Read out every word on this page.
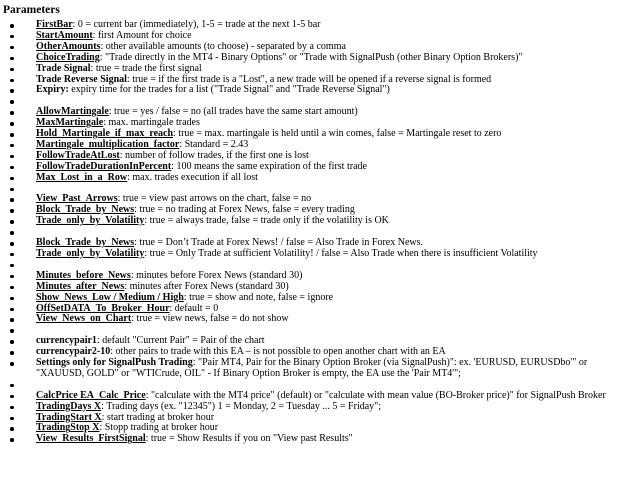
Parameters
FirstBar: 0 = current bar (immediately), 1-5 = trade at the next 1-5 bar
StartAmount: first Amount for choice
OtherAmounts: other available amounts (to choose) - separated by a comma
ChoiceTrading: "Trade directly in the MT4 - Binary Options" or "Trade with SignalPush (other Binary Option Brokers)"
Trade Signal: true = trade the first signal
Trade Reverse Signal: true = if the first trade is a "Lost", a new trade will be opened if a reverse signal is formed
Expiry: expiry time for the trades for a list ("Trade Signal" and "Trade Reverse Signal")
AllowMartingale: true = yes / false = no (all trades have the same start amount)
MaxMartingale: max. martingale trades
Hold_Martingale_if_max_reach: true = max. martingale is held until a win comes, false = Martingale reset to zero
Martingale_multiplication_factor: Standard = 2.43
FollowTradeAtLost: number of follow trades, if the first one is lost
FollowTradeDurationInPercent: 100 means the same expiration of the first trade
Max_Lost_in_a_Row: max. trades execution if all lost
View_Past_Arrows: true = view past arrows on the chart, false = no
Block_Trade_by_News: true = no trading at Forex News, false = every trading
Trade_only_by_Volatility: true = always trade, false = trade only if the volatility is OK
Block_Trade_by_News: true = Don’t Trade at Forex News! / false = Also Trade in Forex News.
Trade_only_by_Volatility: true = Only Trade at sufficient Volatility! / false = Also Trade when there is insufficient Volatility
Minutes_before_News: minutes before Forex News (standard 30)
Minutes_after_News: minutes after Forex News (standard 30)
Show_News_Low / Medium / High: true = show and note, false = ignore
OffSetDATA_To_Broker_Hour: default = 0
View_News_on_Chart: true = view news, false = do not show
currencypair1: default "Current Pair" = Pair of the chart
currencypair2-10: other pairs to trade with this EA – is not possible to open another chart with an EA
Settings only for SignalPush Trading: "Pair MT4, Pair for the Binary Option Broker (via SignalPush)": ex. 'EURUSD, EURUSDbo'" or "XAUUSD, GOLD" or "WTICrude, OIL" - If Binary Option Broker is empty, the EA use the 'Pair MT4'";
CalcPrice EA_Calc_Price: "calculate with the MT4 price" (default) or "calculate with mean value (BO-Broker price)" for SignalPush Broker
TradingDays X: Trading days (ex. "12345") 1 = Monday, 2 = Tuesday ... 5 = Friday";
TradingStart X: start trading at broker hour
TradingStop X: Stopp trading at broker hour
View_Results_FirstSignal: true = Show Results if you on "View past Results"
